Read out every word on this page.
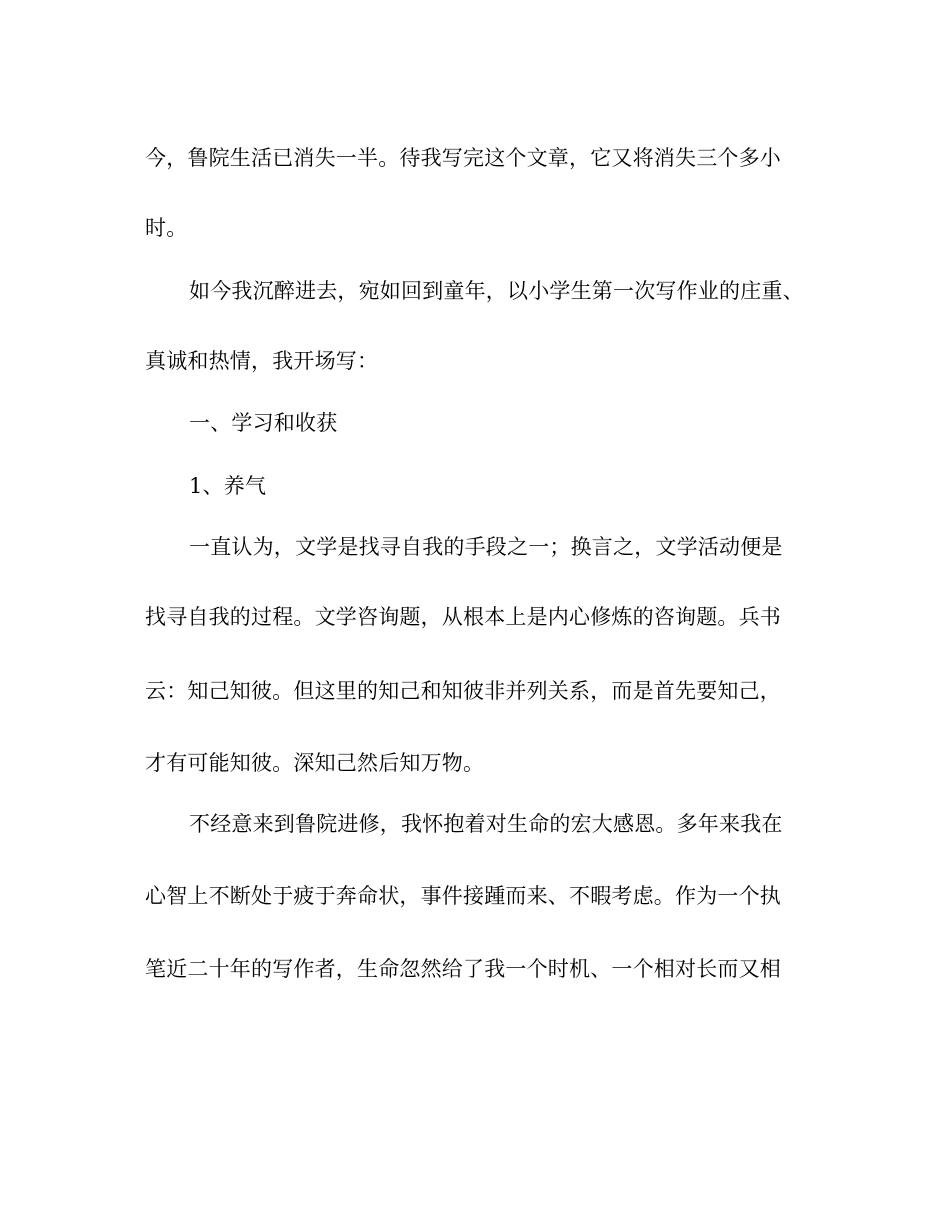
今，鲁院生活已消失一半。待我写完这个文章，它又将消失三个多小
时。
如今我沉醉进去，宛如回到童年，以小学生第一次写作业的庄重、
真诚和热情，我开场写：
一、学习和收获
1、养气
一直认为，文学是找寻自我的手段之一；换言之，文学活动便是
找寻自我的过程。文学咨询题，从根本上是内心修炼的咨询题。兵书
云：知己知彼。但这里的知己和知彼非并列关系，而是首先要知己，
才有可能知彼。深知己然后知万物。
不经意来到鲁院进修，我怀抱着对生命的宏大感恩。多年来我在
心智上不断处于疲于奔命状，事件接踵而来、不暇考虑。作为一个执
笔近二十年的写作者，生命忽然给了我一个时机、一个相对长而又相
